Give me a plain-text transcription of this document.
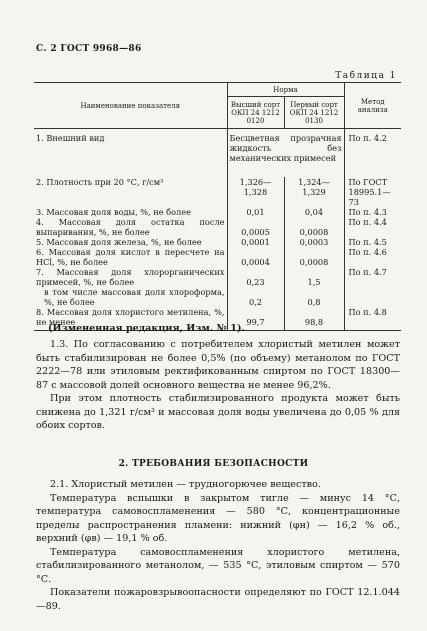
С. 2 ГОСТ 9968—86
Таблица 1
Наименование показателя	Норма		Метод анализа
	Высший сорт ОКП 24 1212 0120	Первый сорт ОКП 24 1212 0130	
1. Внешний вид	Бесцветная прозрачная жидкость без механических примесей		По п. 4.2
2. Плотность при 20 °С, г/см³	1,326—1,328	1,324—1,329	По ГОСТ 18995.1—73
3. Массовая доля воды, %, не более	0,01	0,04	По п. 4.3
4. Массовая доля остатка после выпаривания, %, не более	0,0005	0,0008	По п. 4.4
5. Массовая доля железа, %, не более	0,0001	0,0003	По п. 4.5
6. Массовая доля кислот в пересчете на HCl, %, не более	0,0004	0,0008	По п. 4.6
7. Массовая доля хлорорганических примесей, %, не более	0,23	1,5	По п. 4.7
в том числе массовая доля хлороформа, %, не более	0,2	0,8	
8. Массовая доля хлористого метилена, %, не менее	99,7	98,8	По п. 4.8
(Измененная редакция, Изм. № 1).

1.3. По согласованию с потребителем хлористый метилен может быть стабилизирован не более 0,5% (по объему) метанолом по ГОСТ 2222—78 или этиловым ректификованным спиртом по ГОСТ 18300—87 с массовой долей основного вещества не менее 96,2%.

При этом плотность стабилизированного продукта может быть снижена до 1,321 г/см³ и массовая доля воды увеличена до 0,05 % для обоих сортов.

2. ТРЕБОВАНИЯ БЕЗОПАСНОСТИ

2.1. Хлористый метилен — трудногорючее вещество.

Температура вспышки в закрытом тигле — минус 14 °С, температура самовоспламенения — 580 °С, концентрационные пределы распространения пламени: нижний (φн) — 16,2 % об., верхний (φв) — 19,1 % об.

Температура самовоспламенения хлористого метилена, стабилизированного метанолом, — 535 °С, этиловым спиртом — 570 °С.

Показатели пожаровзрывоопасности определяют по ГОСТ 12.1.044—89.
